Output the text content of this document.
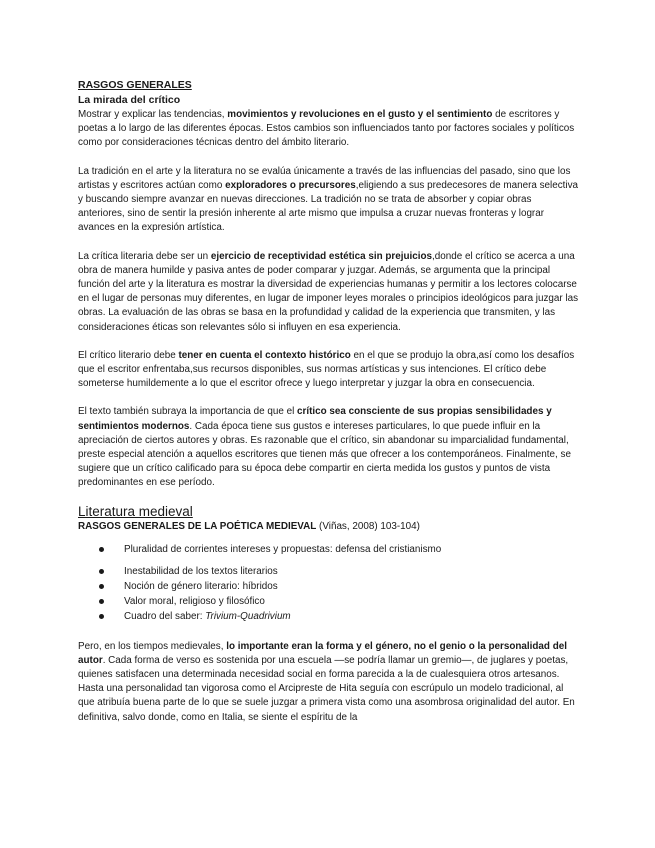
RASGOS GENERALES
La mirada del crítico

Mostrar y explicar las tendencias, movimientos y revoluciones en el gusto y el sentimiento de escritores y poetas a lo largo de las diferentes épocas. Estos cambios son influenciados tanto por factores sociales y políticos como por consideraciones técnicas dentro del ámbito literario.

La tradición en el arte y la literatura no se evalúa únicamente a través de las influencias del pasado, sino que los artistas y escritores actúan como exploradores o precursores,eligiendo a sus predecesores de manera selectiva y buscando siempre avanzar en nuevas direcciones. La tradición no se trata de absorber y copiar obras anteriores, sino de sentir la presión inherente al arte mismo que impulsa a cruzar nuevas fronteras y lograr avances en la expresión artística.

La crítica literaria debe ser un ejercicio de receptividad estética sin prejuicios,donde el crítico se acerca a una obra de manera humilde y pasiva antes de poder comparar y juzgar. Además, se argumenta que la principal función del arte y la literatura es mostrar la diversidad de experiencias humanas y permitir a los lectores colocarse en el lugar de personas muy diferentes, en lugar de imponer leyes morales o principios ideológicos para juzgar las obras. La evaluación de las obras se basa en la profundidad y calidad de la experiencia que transmiten, y las consideraciones éticas son relevantes sólo si influyen en esa experiencia.

El crítico literario debe tener en cuenta el contexto histórico en el que se produjo la obra,así como los desafíos que el escritor enfrentaba,sus recursos disponibles, sus normas artísticas y sus intenciones. El crítico debe someterse humildemente a lo que el escritor ofrece y luego interpretar y juzgar la obra en consecuencia.

El texto también subraya la importancia de que el crítico sea consciente de sus propias sensibilidades y sentimientos modernos. Cada época tiene sus gustos e intereses particulares, lo que puede influir en la apreciación de ciertos autores y obras. Es razonable que el crítico, sin abandonar su imparcialidad fundamental, preste especial atención a aquellos escritores que tienen más que ofrecer a los contemporáneos. Finalmente, se sugiere que un crítico calificado para su época debe compartir en cierta medida los gustos y puntos de vista predominantes en ese período.

Literatura medieval

RASGOS GENERALES DE LA POÉTICA MEDIEVAL (Viñas, 2008) 103-104)

Pluralidad de corrientes intereses y propuestas: defensa del cristianismo
Inestabilidad de los textos literarios
Noción de género literario: híbridos
Valor moral, religioso y filosófico
Cuadro del saber: Trivium-Quadrivium

Pero, en los tiempos medievales, lo importante eran la forma y el género, no el genio o la personalidad del autor. Cada forma de verso es sostenida por una escuela —se podría llamar un gremio—, de juglares y poetas, quienes satisfacen una determinada necesidad social en forma parecida a la de cualesquiera otros artesanos. Hasta una personalidad tan vigorosa como el Arcipreste de Hita seguía con escrúpulo un modelo tradicional, al que atribuía buena parte de lo que se suele juzgar a primera vista como una asombrosa originalidad del autor. En definitiva, salvo donde, como en Italia, se siente el espíritu de la
